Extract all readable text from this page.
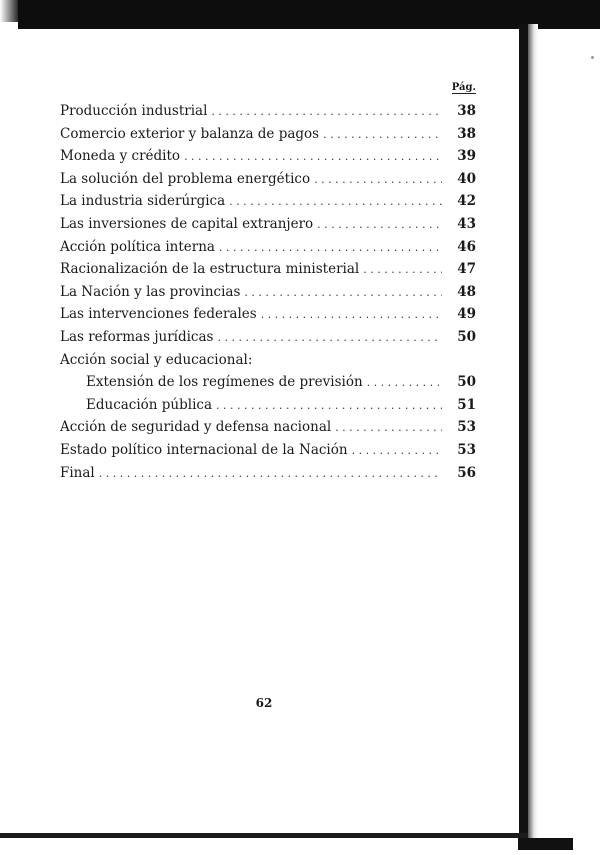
Pág.
Producción industrial . . .	38
Comercio exterior y balanza de pagos . . .	38
Moneda y crédito . . .	39
La solución del problema energético . . .	40
La industria siderúrgica . . .	42
Las inversiones de capital extranjero . . .	43
Acción política interna . . .	46
Racionalización de la estructura ministerial . . .	47
La Nación y las provincias . . .	48
Las intervenciones federales . . .	49
Las reformas jurídicas . . .	50
Acción social y educacional:
Extensión de los regímenes de previsión . . .	50
Educación pública . . .	51
Acción de seguridad y defensa nacional . . .	53
Estado político internacional de la Nación . . .	53
Final . . .	56
62
